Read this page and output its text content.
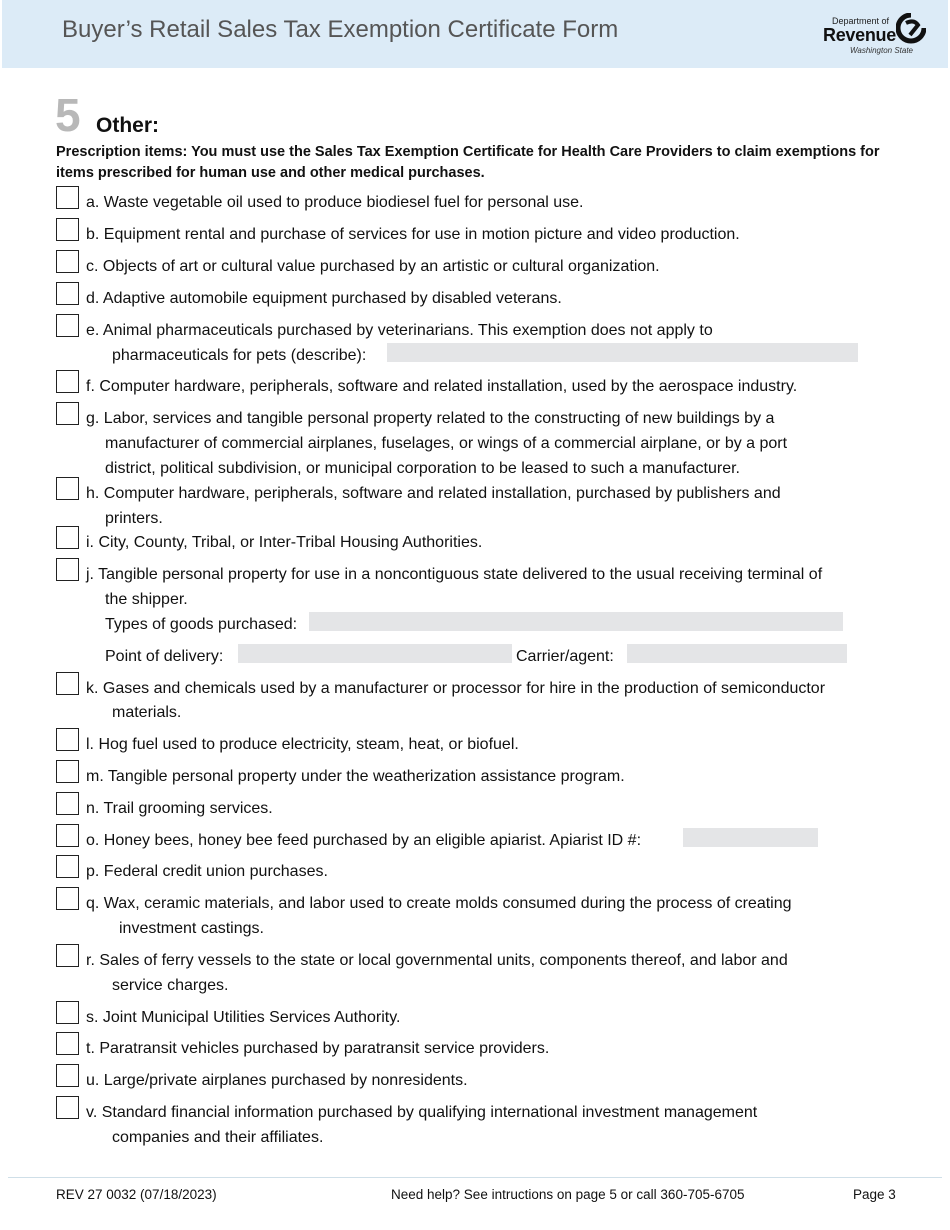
Buyer’s Retail Sales Tax Exemption Certificate Form	Department of
Revenue
Washington State
5 Other:
Prescription items: You must use the Sales Tax Exemption Certificate for Health Care Providers to claim exemptions for items prescribed for human use and other medical purchases.
a. Waste vegetable oil used to produce biodiesel fuel for personal use.
b. Equipment rental and purchase of services for use in motion picture and video production.
c. Objects of art or cultural value purchased by an artistic or cultural organization.
d. Adaptive automobile equipment purchased by disabled veterans.
e. Animal pharmaceuticals purchased by veterinarians. This exemption does not apply to
pharmaceuticals for pets (describe):
f. Computer hardware, peripherals, software and related installation, used by the aerospace industry.
g. Labor, services and tangible personal property related to the constructing of new buildings by a
manufacturer of commercial airplanes, fuselages, or wings of a commercial airplane, or by a port
district, political subdivision, or municipal corporation to be leased to such a manufacturer.
h. Computer hardware, peripherals, software and related installation, purchased by publishers and
printers.
i. City, County, Tribal, or Inter-Tribal Housing Authorities.
j. Tangible personal property for use in a noncontiguous state delivered to the usual receiving terminal of
the shipper.
Types of goods purchased:
Point of delivery:	Carrier/agent:
k. Gases and chemicals used by a manufacturer or processor for hire in the production of semiconductor
materials.
l. Hog fuel used to produce electricity, steam, heat, or biofuel.
m. Tangible personal property under the weatherization assistance program.
n. Trail grooming services.
o. Honey bees, honey bee feed purchased by an eligible apiarist. Apiarist ID #:
p. Federal credit union purchases.
q. Wax, ceramic materials, and labor used to create molds consumed during the process of creating
investment castings.
r. Sales of ferry vessels to the state or local governmental units, components thereof, and labor and
service charges.
s. Joint Municipal Utilities Services Authority.
t. Paratransit vehicles purchased by paratransit service providers.
u. Large/private airplanes purchased by nonresidents.
v. Standard financial information purchased by qualifying international investment management
companies and their affiliates.
REV 27 0032 (07/18/2023)	Need help? See intructions on page 5 or call 360-705-6705	Page 3
